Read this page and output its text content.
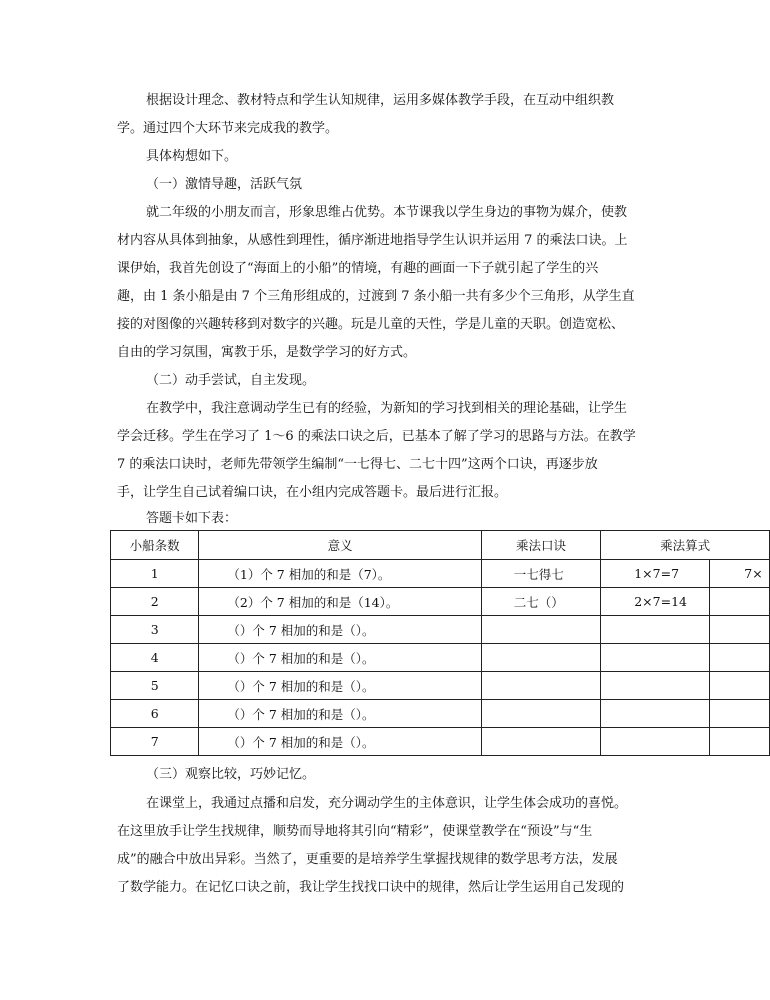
根据设计理念、教材特点和学生认知规律，运用多媒体教学手段，在互动中组织教
学。通过四个大环节来完成我的教学。
具体构想如下。
（一）激情导趣，活跃气氛
就二年级的小朋友而言，形象思维占优势。本节课我以学生身边的事物为媒介，使教
材内容从具体到抽象，从感性到理性，循序渐进地指导学生认识并运用 7 的乘法口诀。上
课伊始，我首先创设了“海面上的小船”的情境，有趣的画面一下子就引起了学生的兴
趣，由 1 条小船是由 7 个三角形组成的，过渡到 7 条小船一共有多少个三角形，从学生直
接的对图像的兴趣转移到对数字的兴趣。玩是儿童的天性，学是儿童的天职。创造宽松、
自由的学习氛围，寓教于乐，是数学学习的好方式。
（二）动手尝试，自主发现。
在教学中，我注意调动学生已有的经验，为新知的学习找到相关的理论基础，让学生
学会迁移。学生在学习了 1～6 的乘法口诀之后，已基本了解了学习的思路与方法。在教学
7 的乘法口诀时，老师先带领学生编制“一七得七、二七十四”这两个口诀，再逐步放
手，让学生自己试着编口诀，在小组内完成答题卡。最后进行汇报。
答题卡如下表：
小船条数	意义	乘法口诀	乘法算式	
1	（1）个 7 相加的和是（7）。	一七得七	1×7=7	7×
2	（2）个 7 相加的和是（14）。	二七（）	2×7=14	
3	（）个 7 相加的和是（）。			
4	（）个 7 相加的和是（）。			
5	（）个 7 相加的和是（）。			
6	（）个 7 相加的和是（）。			
7	（）个 7 相加的和是（）。			
（三）观察比较，巧妙记忆。
在课堂上，我通过点播和启发，充分调动学生的主体意识，让学生体会成功的喜悦。
在这里放手让学生找规律，顺势而导地将其引向“精彩”，使课堂教学在“预设”与“生
成”的融合中放出异彩。当然了，更重要的是培养学生掌握找规律的数学思考方法，发展
了数学能力。在记忆口诀之前，我让学生找找口诀中的规律，然后让学生运用自己发现的
